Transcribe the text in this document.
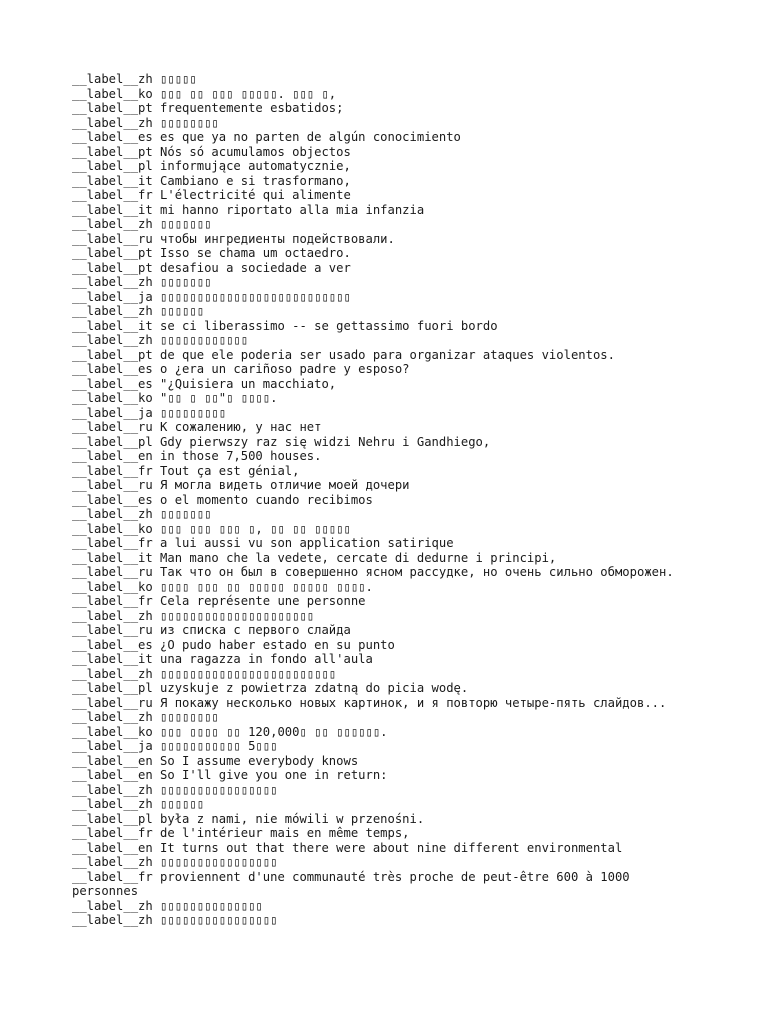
__label__zh ▯▯▯▯▯
__label__ko ▯▯▯ ▯▯ ▯▯▯ ▯▯▯▯▯. ▯▯▯ ▯,
__label__pt frequentemente esbatidos;
__label__zh ▯▯▯▯▯▯▯▯
__label__es es que ya no parten de algún conocimiento
__label__pt Nós só acumulamos objectos
__label__pl informujące automatycznie,
__label__it Cambiano e si trasformano,
__label__fr L'électricité qui alimente
__label__it mi hanno riportato alla mia infanzia
__label__zh ▯▯▯▯▯▯▯
__label__ru чтобы ингредиенты подействовали.
__label__pt Isso se chama um octaedro.
__label__pt desafiou a sociedade a ver
__label__zh ▯▯▯▯▯▯▯
__label__ja ▯▯▯▯▯▯▯▯▯▯▯▯▯▯▯▯▯▯▯▯▯▯▯▯▯▯
__label__zh ▯▯▯▯▯▯
__label__it se ci liberassimo -- se gettassimo fuori bordo
__label__zh ▯▯▯▯▯▯▯▯▯▯▯▯
__label__pt de que ele poderia ser usado para organizar ataques violentos.
__label__es o ¿era un cariñoso padre y esposo?
__label__es "¿Quisiera un macchiato,
__label__ko "▯▯ ▯ ▯▯"▯ ▯▯▯▯.
__label__ja ▯▯▯▯▯▯▯▯▯
__label__ru К сожалению, у нас нет
__label__pl Gdy pierwszy raz się widzi Nehru i Gandhiego,
__label__en in those 7,500 houses.
__label__fr Tout ça est génial,
__label__ru Я могла видеть отличие моей дочери
__label__es o el momento cuando recibimos
__label__zh ▯▯▯▯▯▯▯
__label__ko ▯▯▯ ▯▯▯ ▯▯▯ ▯, ▯▯ ▯▯ ▯▯▯▯▯
__label__fr a lui aussi vu son application satirique
__label__it Man mano che la vedete, cercate di dedurne i principi,
__label__ru Так что он был в совершенно ясном рассудке, но очень сильно обморожен.
__label__ko ▯▯▯▯ ▯▯▯ ▯▯ ▯▯▯▯▯ ▯▯▯▯▯ ▯▯▯▯.
__label__fr Cela représente une personne
__label__zh ▯▯▯▯▯▯▯▯▯▯▯▯▯▯▯▯▯▯▯▯▯
__label__ru из списка с первого слайда
__label__es ¿O pudo haber estado en su punto
__label__it una ragazza in fondo all'aula
__label__zh ▯▯▯▯▯▯▯▯▯▯▯▯▯▯▯▯▯▯▯▯▯▯▯▯
__label__pl uzyskuje z powietrza zdatną do picia wodę.
__label__ru Я покажу несколько новых картинок, и я повторю четыре-пять слайдов...
__label__zh ▯▯▯▯▯▯▯▯
__label__ko ▯▯▯ ▯▯▯▯ ▯▯ 120,000▯ ▯▯ ▯▯▯▯▯▯.
__label__ja ▯▯▯▯▯▯▯▯▯▯▯ 5▯▯▯
__label__en So I assume everybody knows
__label__en So I'll give you one in return:
__label__zh ▯▯▯▯▯▯▯▯▯▯▯▯▯▯▯▯
__label__zh ▯▯▯▯▯▯
__label__pl była z nami, nie mówili w przenośni.
__label__fr de l'intérieur mais en même temps,
__label__en It turns out that there were about nine different environmental
__label__zh ▯▯▯▯▯▯▯▯▯▯▯▯▯▯▯▯
__label__fr proviennent d'une communauté très proche de peut-être 600 à 1000 personnes
__label__zh ▯▯▯▯▯▯▯▯▯▯▯▯▯▯
__label__zh ▯▯▯▯▯▯▯▯▯▯▯▯▯▯▯▯
